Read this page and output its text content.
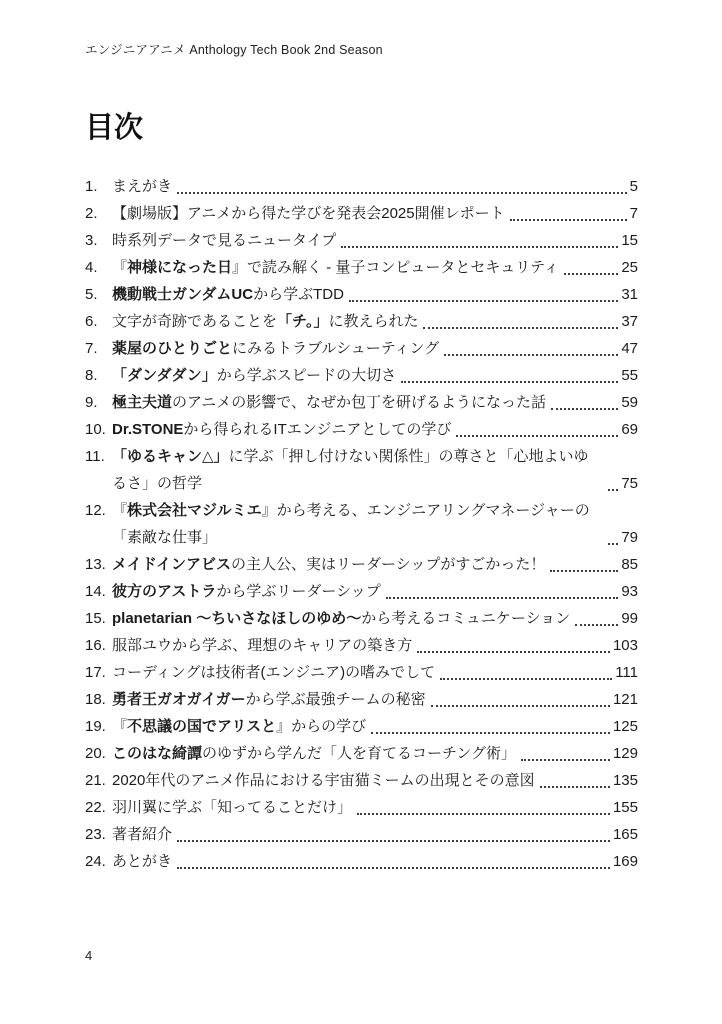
エンジニアアニメ Anthology Tech Book 2nd Season
目次
1. まえがき	5
2. 【劇場版】アニメから得た学びを発表会2025開催レポート	7
3. 時系列データで見るニュータイプ	15
4. 『神様になった日』で読み解く - 量子コンピュータとセキュリティ	25
5. 機動戦士ガンダムUCから学ぶTDD	31
6. 文字が奇跡であることを「チ。」に教えられた	37
7. 薬屋のひとりごとにみるトラブルシューティング	47
8. 「ダンダダン」から学ぶスピードの大切さ	55
9. 極主夫道のアニメの影響で、なぜか包丁を研げるようになった話	59
10. Dr.STONEから得られるITエンジニアとしての学び	69
11. 「ゆるキャン△」に学ぶ「押し付けない関係性」の尊さと「心地よいゆるさ」の哲学	75
12. 『株式会社マジルミエ』から考える、エンジニアリングマネージャーの「素敵な仕事」	79
13. メイドインアビスの主人公、実はリーダーシップがすごかった！	85
14. 彼方のアストラから学ぶリーダーシップ	93
15. planetarian 〜ちいさなほしのゆめ〜から考えるコミュニケーション	99
16. 服部ユウから学ぶ、理想のキャリアの築き方	103
17. コーディングは技術者(エンジニア)の嗜みでして	111
18. 勇者王ガオガイガーから学ぶ最強チームの秘密	121
19. 『不思議の国でアリスと』からの学び	125
20. このはな綺譚のゆずから学んだ「人を育てるコーチング術」	129
21. 2020年代のアニメ作品における宇宙猫ミームの出現とその意図	135
22. 羽川翼に学ぶ「知ってることだけ」	155
23. 著者紹介	165
24. あとがき	169
4
